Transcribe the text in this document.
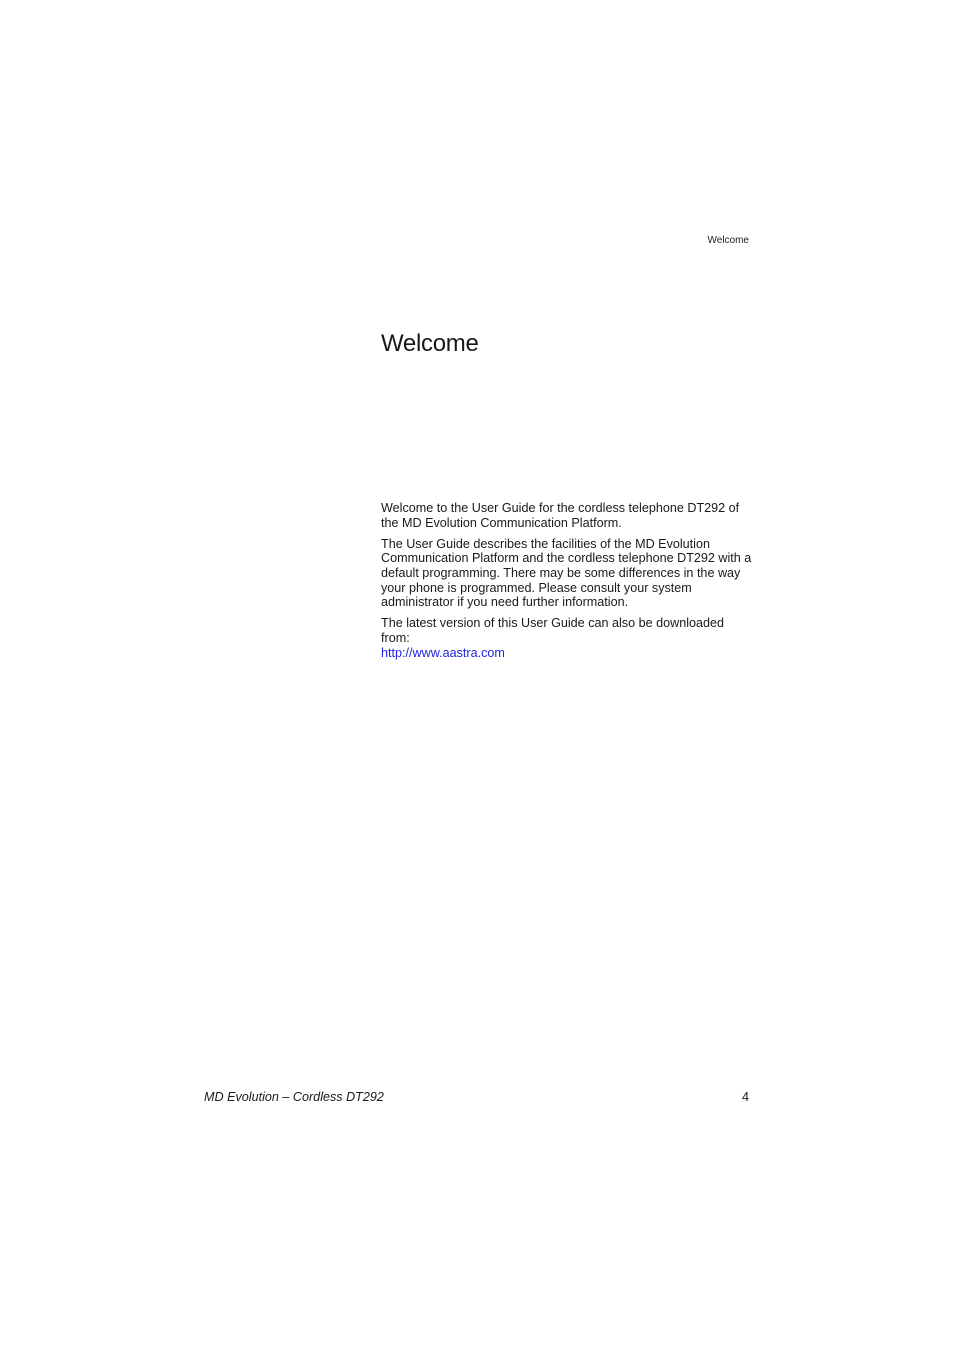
Welcome
Welcome

Welcome to the User Guide for the cordless telephone DT292 of the MD Evolution Communication Platform.

The User Guide describes the facilities of the MD Evolution Communication Platform and the cordless telephone DT292 with a default programming. There may be some differences in the way your phone is programmed. Please consult your system administrator if you need further information.

The latest version of this User Guide can also be downloaded from:
http://www.aastra.com

MD Evolution – Cordless DT292	4
